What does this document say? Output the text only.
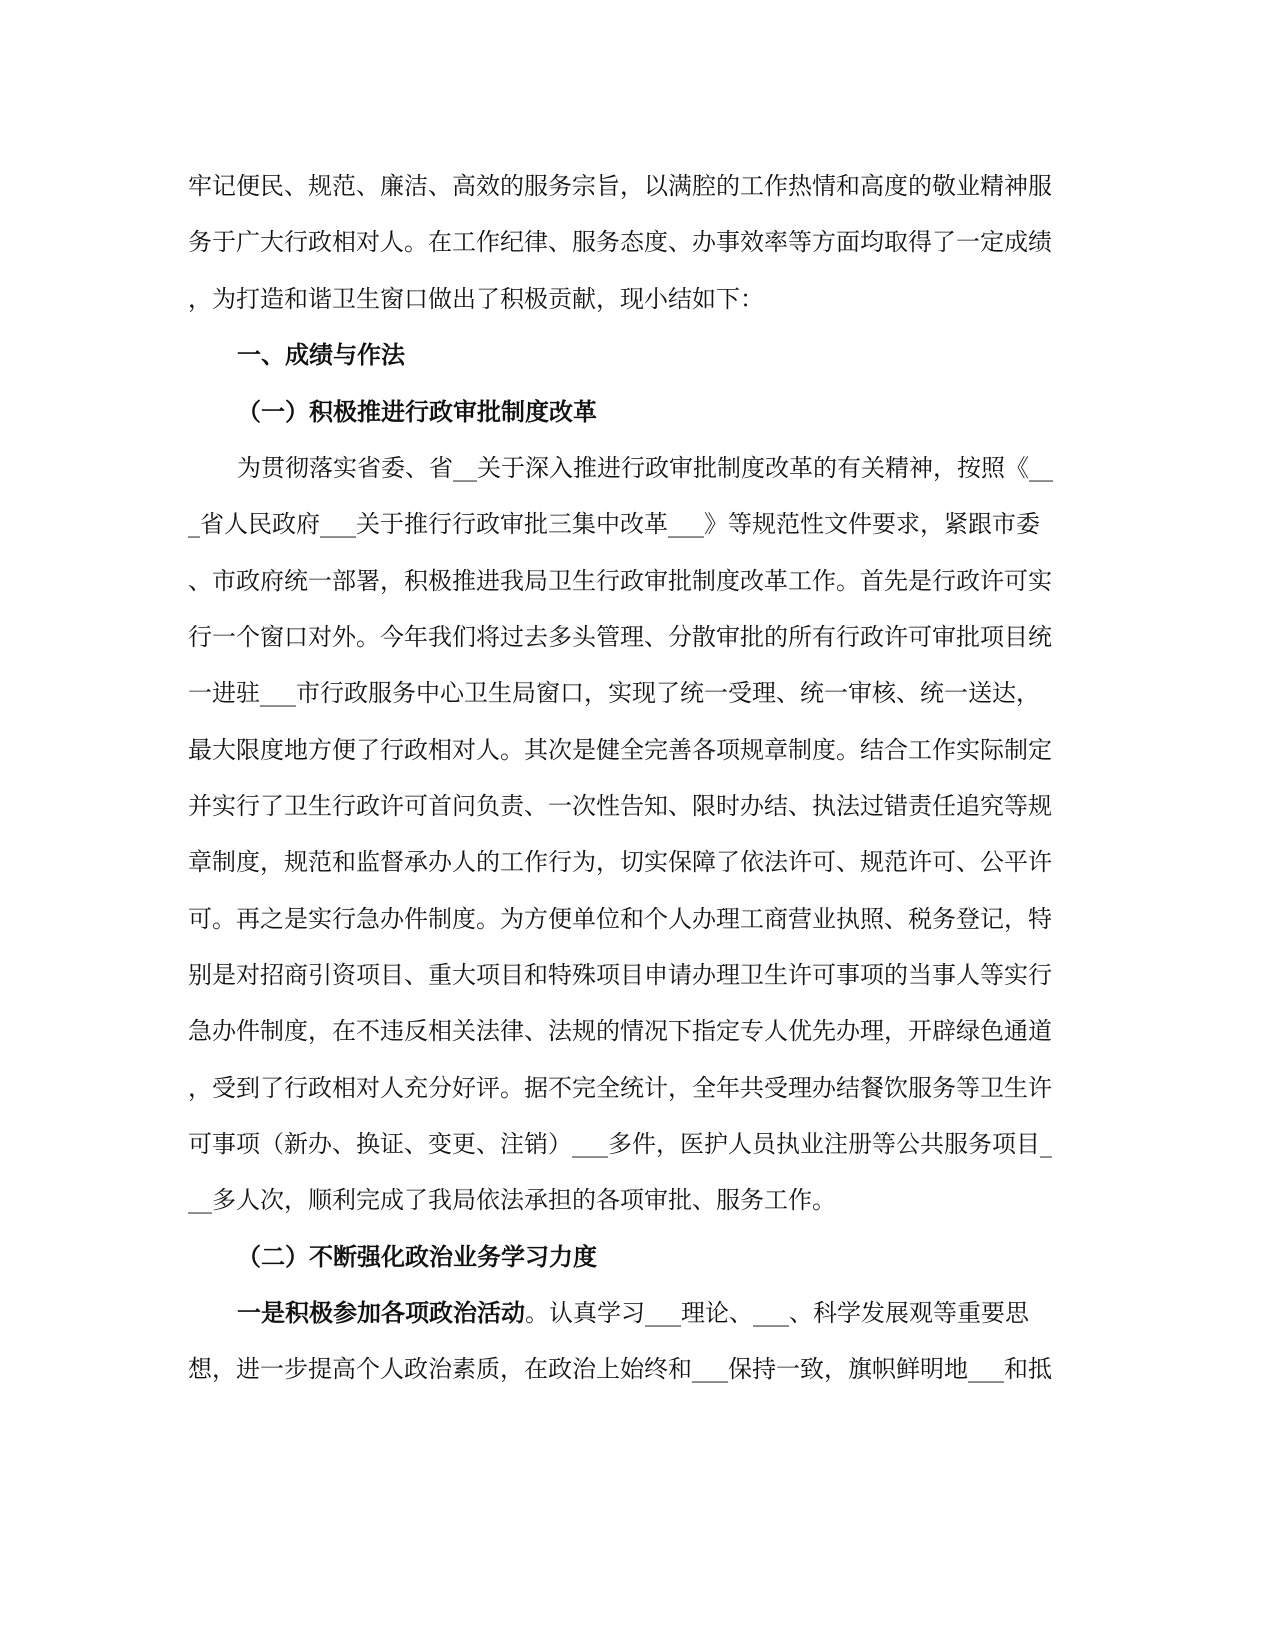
牢记便民、规范、廉洁、高效的服务宗旨，以满腔的工作热情和高度的敬业精神服
务于广大行政相对人。在工作纪律、服务态度、办事效率等方面均取得了一定成绩
，为打造和谐卫生窗口做出了积极贡献，现小结如下：
一、成绩与作法
（一）积极推进行政审批制度改革
为贯彻落实省委、省__关于深入推进行政审批制度改革的有关精神，按照《__
_省人民政府___关于推行行政审批三集中改革___》等规范性文件要求，紧跟市委
、市政府统一部署，积极推进我局卫生行政审批制度改革工作。首先是行政许可实
行一个窗口对外。今年我们将过去多头管理、分散审批的所有行政许可审批项目统
一进驻___市行政服务中心卫生局窗口，实现了统一受理、统一审核、统一送达，
最大限度地方便了行政相对人。其次是健全完善各项规章制度。结合工作实际制定
并实行了卫生行政许可首问负责、一次性告知、限时办结、执法过错责任追究等规
章制度，规范和监督承办人的工作行为，切实保障了依法许可、规范许可、公平许
可。再之是实行急办件制度。为方便单位和个人办理工商营业执照、税务登记，特
别是对招商引资项目、重大项目和特殊项目申请办理卫生许可事项的当事人等实行
急办件制度，在不违反相关法律、法规的情况下指定专人优先办理，开辟绿色通道
，受到了行政相对人充分好评。据不完全统计，全年共受理办结餐饮服务等卫生许
可事项（新办、换证、变更、注销）___多件，医护人员执业注册等公共服务项目_
__多人次，顺利完成了我局依法承担的各项审批、服务工作。
（二）不断强化政治业务学习力度
一是积极参加各项政治活动。认真学习___理论、___、科学发展观等重要思
想，进一步提高个人政治素质，在政治上始终和___保持一致，旗帜鲜明地___和抵
